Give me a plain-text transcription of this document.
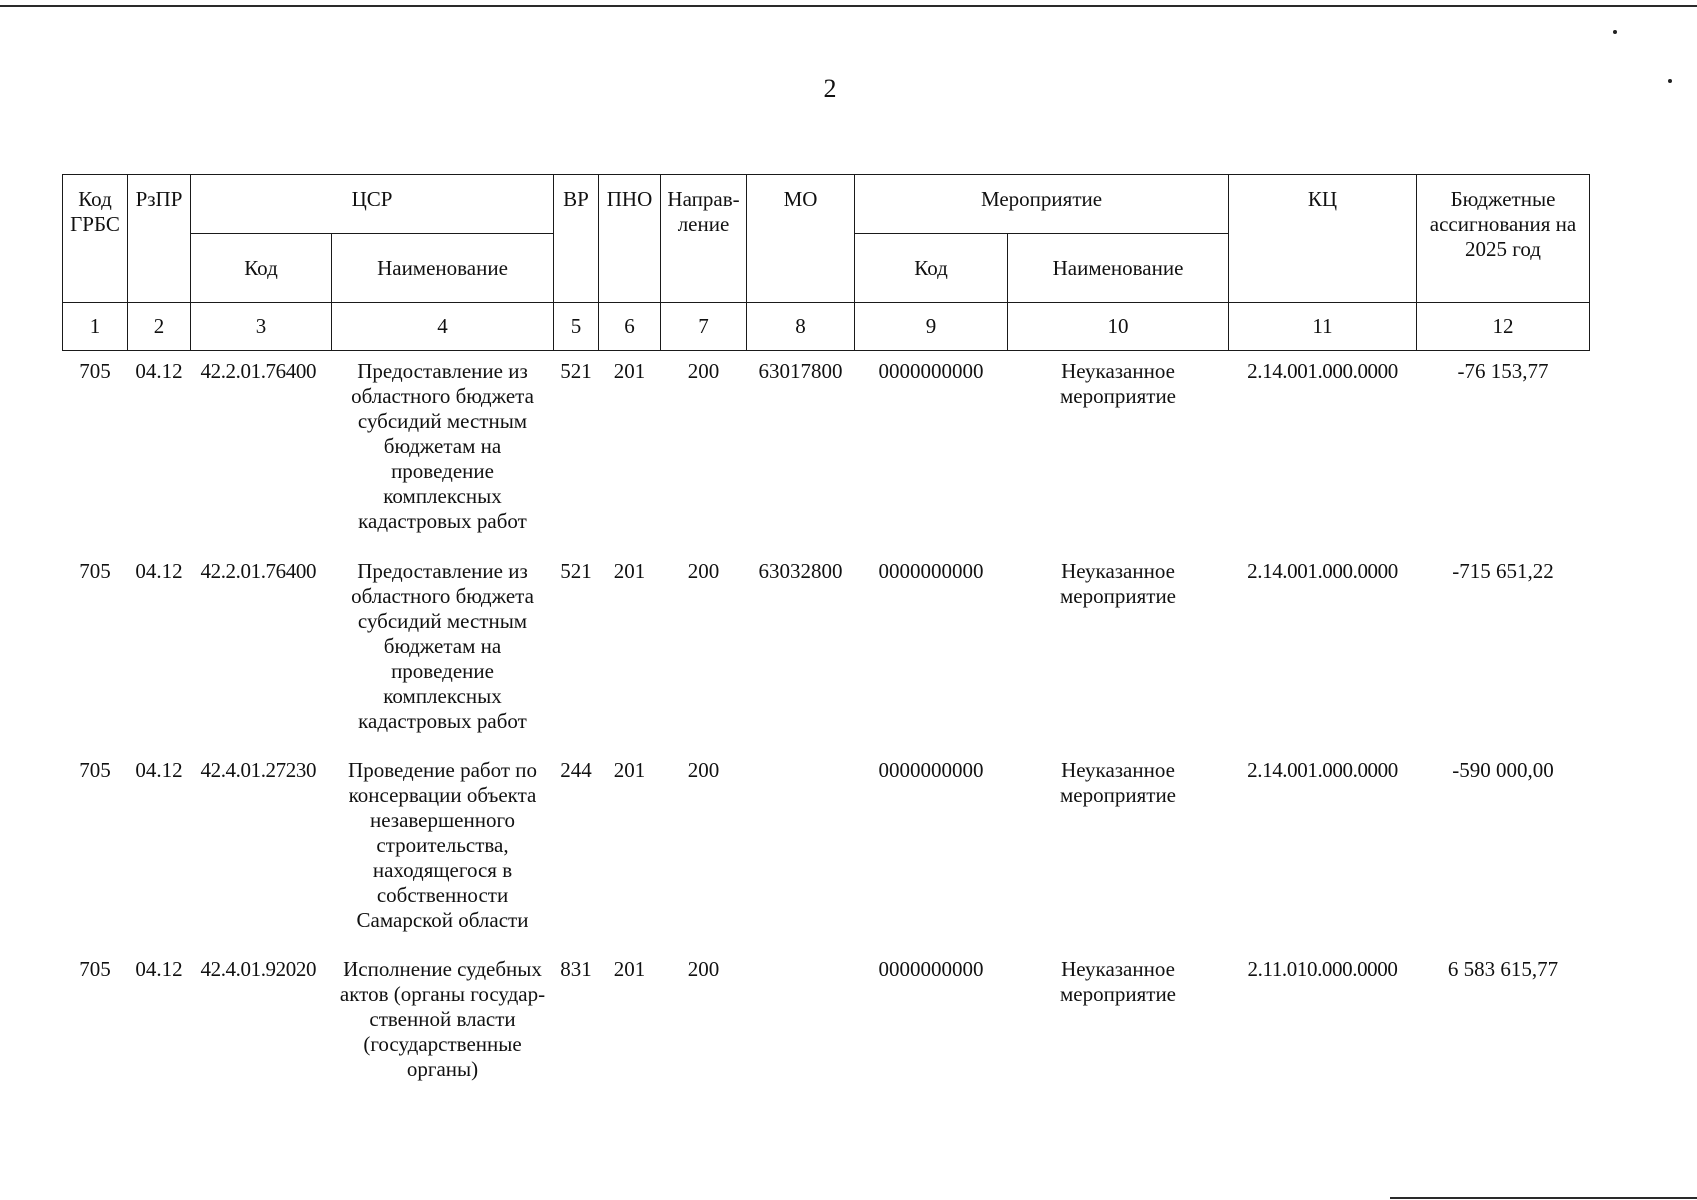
2
Код ГРБС	РзПР	ЦСР		ВР	ПНО	Направ-ление	МО	Мероприятие		КЦ	Бюджетные ассигнования на 2025 год
		Код	Наименование					Код	Наименование		
1	2	3	4	5	6	7	8	9	10	11	12
705	04.12	42.2.01.76400	Предоставление из областного бюджета субсидий местным бюджетам на проведение комплексных кадастровых работ	521	201	200	63017800	0000000000	Неуказанное мероприятие	2.14.001.000.0000	-76 153,77
705	04.12	42.2.01.76400	Предоставление из областного бюджета субсидий местным бюджетам на проведение комплексных кадастровых работ	521	201	200	63032800	0000000000	Неуказанное мероприятие	2.14.001.000.0000	-715 651,22
705	04.12	42.4.01.27230	Проведение работ по консервации объекта незавершенного строительства, находящегося в собственности Самарской области	244	201	200		0000000000	Неуказанное мероприятие	2.14.001.000.0000	-590 000,00
705	04.12	42.4.01.92020	Исполнение судебных актов (органы государ-ственной власти (государственные органы)	831	201	200		0000000000	Неуказанное мероприятие	2.11.010.000.0000	6 583 615,77
